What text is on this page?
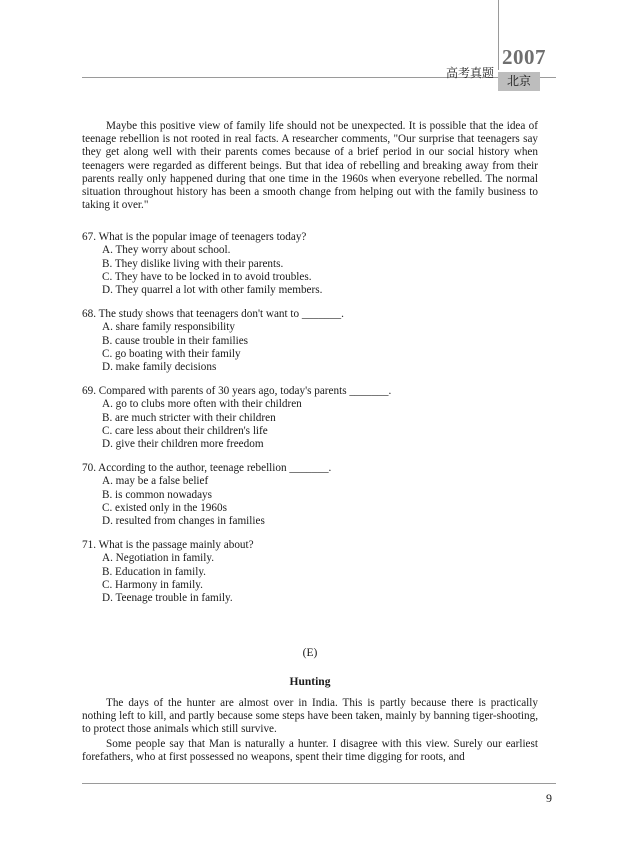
高考真题
2007
北京

Maybe this positive view of family life should not be unexpected. It is possible that the idea of teenage rebellion is not rooted in real facts. A researcher comments, "Our surprise that teenagers say they get along well with their parents comes because of a brief period in our social history when teenagers were regarded as different beings. But that idea of rebelling and breaking away from their parents really only happened during that one time in the 1960s when everyone rebelled. The normal situation throughout history has been a smooth change from helping out with the family business to taking it over."

67. What is the popular image of teenagers today?
A. They worry about school.
B. They dislike living with their parents.
C. They have to be locked in to avoid troubles.
D. They quarrel a lot with other family members.
68. The study shows that teenagers don't want to _______.
A. share family responsibility
B. cause trouble in their families
C. go boating with their family
D. make family decisions
69. Compared with parents of 30 years ago, today's parents _______.
A. go to clubs more often with their children
B. are much stricter with their children
C. care less about their children's life
D. give their children more freedom
70. According to the author, teenage rebellion _______.
A. may be a false belief
B. is common nowadays
C. existed only in the 1960s
D. resulted from changes in families
71. What is the passage mainly about?
A. Negotiation in family.
B. Education in family.
C. Harmony in family.
D. Teenage trouble in family.
(E)
Hunting

The days of the hunter are almost over in India. This is partly because there is practically nothing left to kill, and partly because some steps have been taken, mainly by banning tiger-shooting, to protect those animals which still survive.

Some people say that Man is naturally a hunter. I disagree with this view. Surely our earliest forefathers, who at first possessed no weapons, spent their time digging for roots, and

9
